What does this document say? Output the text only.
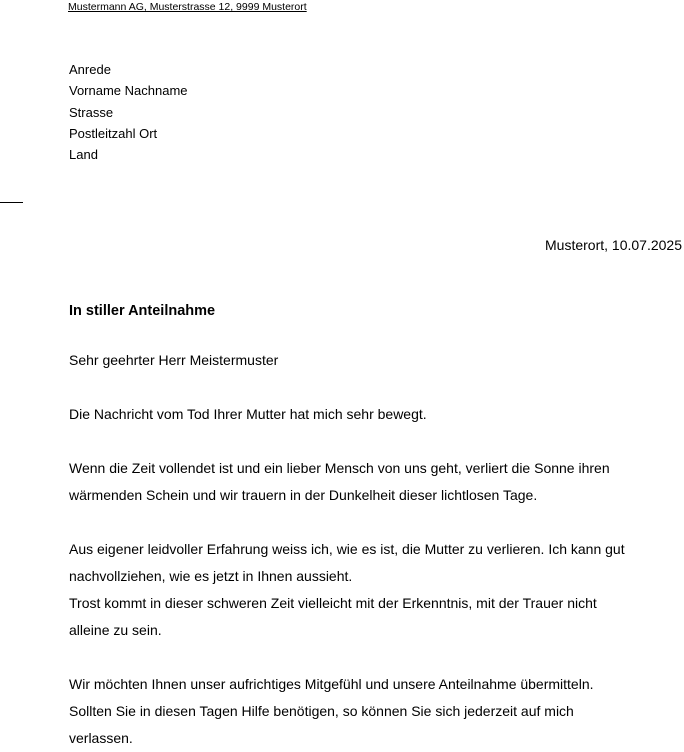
Mustermann AG, Musterstrasse 12, 9999 Musterort
Anrede
Vorname Nachname
Strasse
Postleitzahl Ort
Land
Musterort, 10.07.2025
In stiller Anteilnahme

Sehr geehrter Herr Meistermuster

Die Nachricht vom Tod Ihrer Mutter hat mich sehr bewegt.

Wenn die Zeit vollendet ist und ein lieber Mensch von uns geht, verliert die Sonne ihren

wärmenden Schein und wir trauern in der Dunkelheit dieser lichtlosen Tage.

Aus eigener leidvoller Erfahrung weiss ich, wie es ist, die Mutter zu verlieren. Ich kann gut

nachvollziehen, wie es jetzt in Ihnen aussieht.

Trost kommt in dieser schweren Zeit vielleicht mit der Erkenntnis, mit der Trauer nicht

alleine zu sein.

Wir möchten Ihnen unser aufrichtiges Mitgefühl und unsere Anteilnahme übermitteln.

Sollten Sie in diesen Tagen Hilfe benötigen, so können Sie sich jederzeit auf mich

verlassen.
